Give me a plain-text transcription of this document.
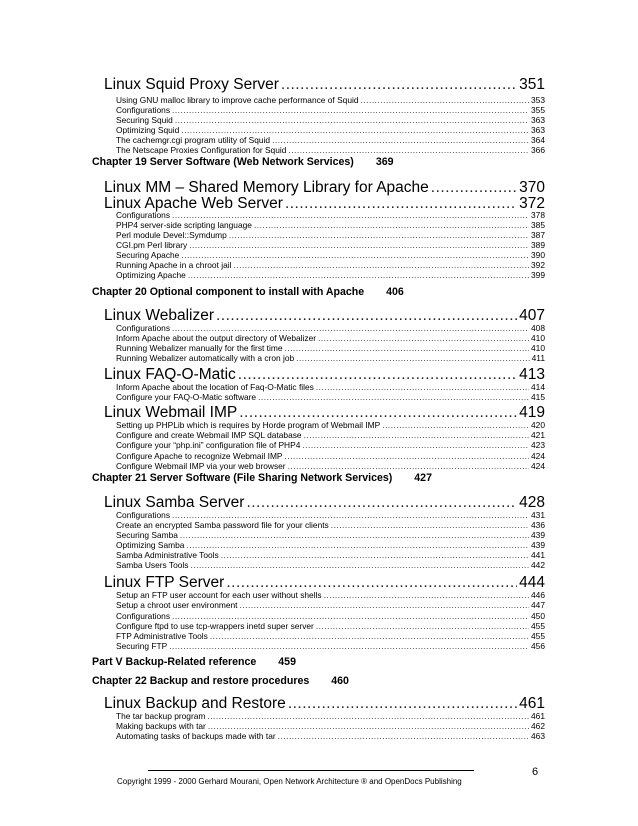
Linux Squid Proxy Server .....	351
Using GNU malloc library to improve cache performance of Squid .....	353
Configurations .....	355
Securing Squid .....	363
Optimizing Squid .....	363
The cachemgr.cgi program utility of Squid .....	364
The Netscape Proxies Configuration for Squid .....	366
Chapter 19 Server Software (Web Network Services) 369
Linux MM – Shared Memory Library for Apache .....	370
Linux Apache Web Server .....	372
Configurations .....	378
PHP4 server-side scripting language .....	385
Perl module Devel::Symdump .....	387
CGI.pm Perl library .....	389
Securing Apache .....	390
Running Apache in a chroot jail .....	392
Optimizing Apache .....	399
Chapter 20 Optional component to install with Apache 406
Linux Webalizer .....	407
Configurations .....	408
Inform Apache about the output directory of Webalizer .....	410
Running Webalizer manually for the first time .....	410
Running Webalizer automatically with a cron job .....	411
Linux FAQ-O-Matic .....	413
Inform Apache about the location of Faq-O-Matic files .....	414
Configure your FAQ-O-Matic software .....	415
Linux Webmail IMP .....	419
Setting up PHPLib which is requires by Horde program of Webmail IMP .....	420
Configure and create Webmail IMP SQL database .....	421
Configure your “php.ini” configuration file of PHP4 .....	423
Configure Apache to recognize Webmail IMP .....	424
Configure Webmail IMP via your web browser .....	424
Chapter 21 Server Software (File Sharing Network Services) 427
Linux Samba Server .....	428
Configurations .....	431
Create an encrypted Samba password file for your clients .....	436
Securing Samba .....	439
Optimizing Samba .....	439
Samba Administrative Tools .....	441
Samba Users Tools .....	442
Linux FTP Server .....	444
Setup an FTP user account for each user without shells .....	446
Setup a chroot user environment .....	447
Configurations .....	450
Configure ftpd to use tcp-wrappers inetd super server .....	455
FTP Administrative Tools .....	455
Securing FTP .....	456
Part V Backup-Related reference 459
Chapter 22 Backup and restore procedures 460
Linux Backup and Restore .....	461
The tar backup program .....	461
Making backups with tar .....	462
Automating tasks of backups made with tar .....	463
6
Copyright 1999 - 2000 Gerhard Mourani, Open Network Architecture ® and OpenDocs Publishing
